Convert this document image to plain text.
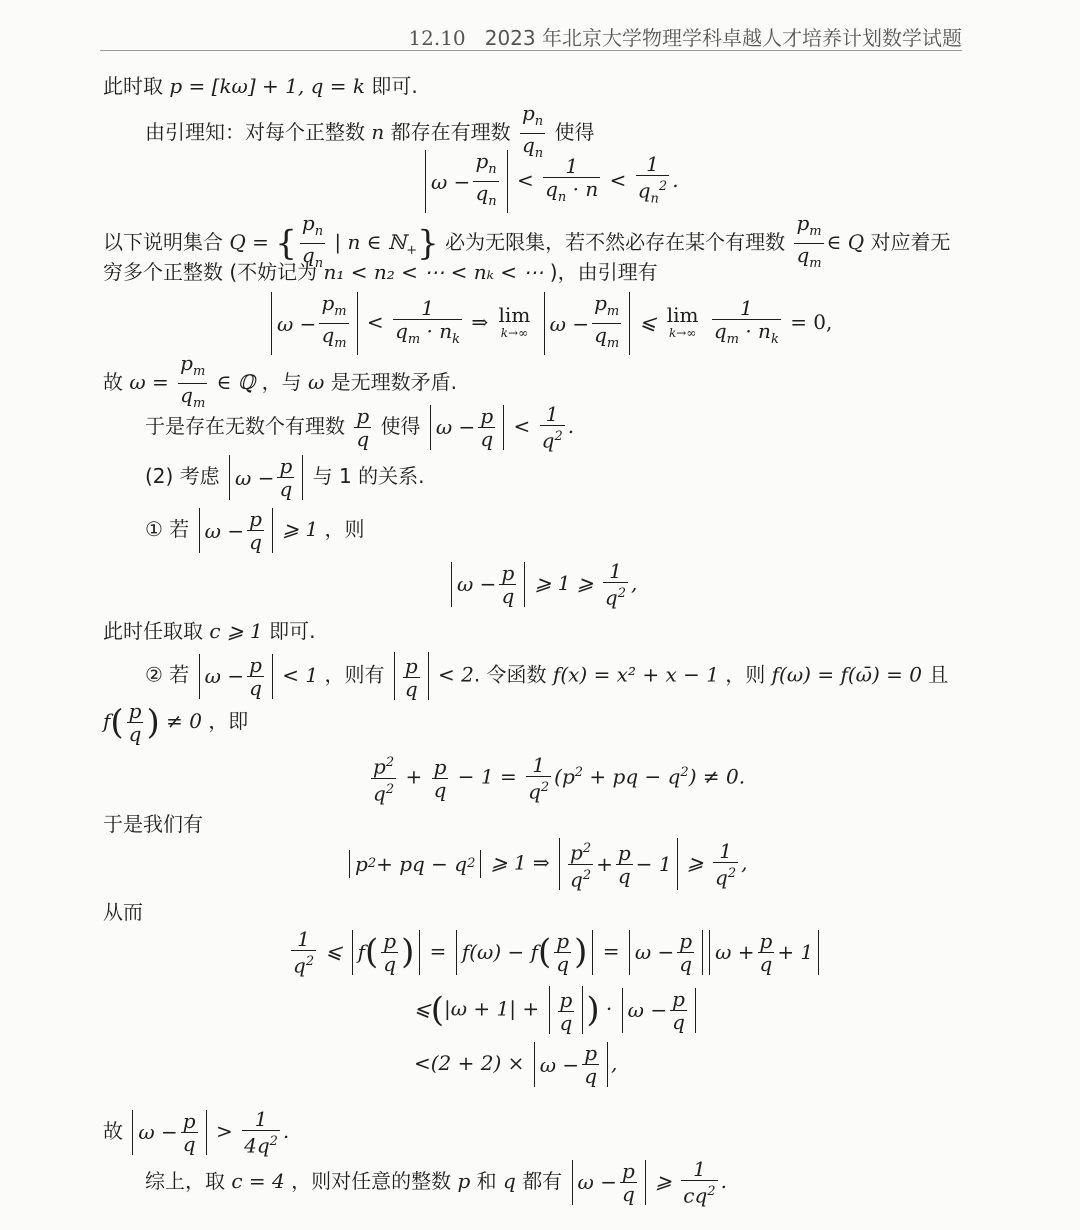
12.10 2023 年北京大学物理学科卓越人才培养计划数学试题
此时取 p = [kω] + 1, q = k 即可.
由引理知：对每个正整数 n 都存在有理数 $\frac{p_n}{q_n}$ 使得
$\omega - \frac{p_n}{q_n} < \frac{1}{q_n \cdot n} < \frac{1}{q_n^2}$ .
以下说明集合 Q = { $\frac{p_n}{q_n}$ | n ∈ ℕ$_+$} 必为无限集，若不然必存在某个有理数 $\frac{p_m}{q_m}$ ∈ Q 对应着无
穷多个正整数 (不妨记为 n₁ < n₂ < ⋯ < nₖ < ⋯ )，由引理有
$\omega - \frac{p_m}{q_m} < \frac{1}{q_m \cdot n_k}$ ⇒ lim
k→∞ $\omega - \frac{p_m}{q_m}$ ⩽ lim
k→∞
$\frac{1}{q_m \cdot n_k} = 0$,
故 $\omega = \frac{p_m}{q_m}$ ∈ ℚ ，与 ω 是无理数矛盾.
于是存在无数个有理数 $\frac{p}{q}$ 使得 $\omega - \frac{p}{q} < \frac{1}{q^2}$ .
(2) 考虑 $\omega - \frac{p}{q}$ 与 1 的关系.
① 若 $\omega - \frac{p}{q}$ ⩾ 1 ，则
$\omega - \frac{p}{q}$ ⩾ 1 ⩾ $\frac{1}{q^2}$ ,
此时任取取 c ⩾ 1 即可.
② 若 $\omega - \frac{p}{q} < 1$ ，则有 $\frac{p}{q} < 2$. 令函数 f(x) = x² + x − 1 ，则 f(ω) = f(ω̄) = 0 且
$f( \frac{p}{q}$ ) ≠ 0 ，即
$\frac{p^2}{q^2} + \frac{p}{q} - 1 = \frac{1}{q^2} (p^2$ + pq − $q^2) \ne 0$.
于是我们有
p 2 + pq − q 2 ⩾ 1 ⇒ $\frac{p^2}{q^2} + \frac{p}{q} - 1$ ⩾ $\frac{1}{q^2}$ ,
从而
$\frac{1}{q^2}$ ⩽ f ( $\frac{p}{q}$ ) = f(ω) − f ( $\frac{p}{q}$ ) = $\omega - \frac{p}{q}$ $\omega + \frac{p}{q} + 1$
⩽(|ω + $1| + \frac{p}{q}$ ) · $\omega - \frac{p}{q}$
$<(2 + 2) \times \omega - \frac{p}{q}$ ,
故 $\omega - \frac{p}{q} > \frac{1}{4q^2}$ .
综上，取 c = 4 ，则对任意的整数 p 和 q 都有 $\omega - \frac{p}{q}$ ⩾ $\frac{1}{cq^2}$ .
